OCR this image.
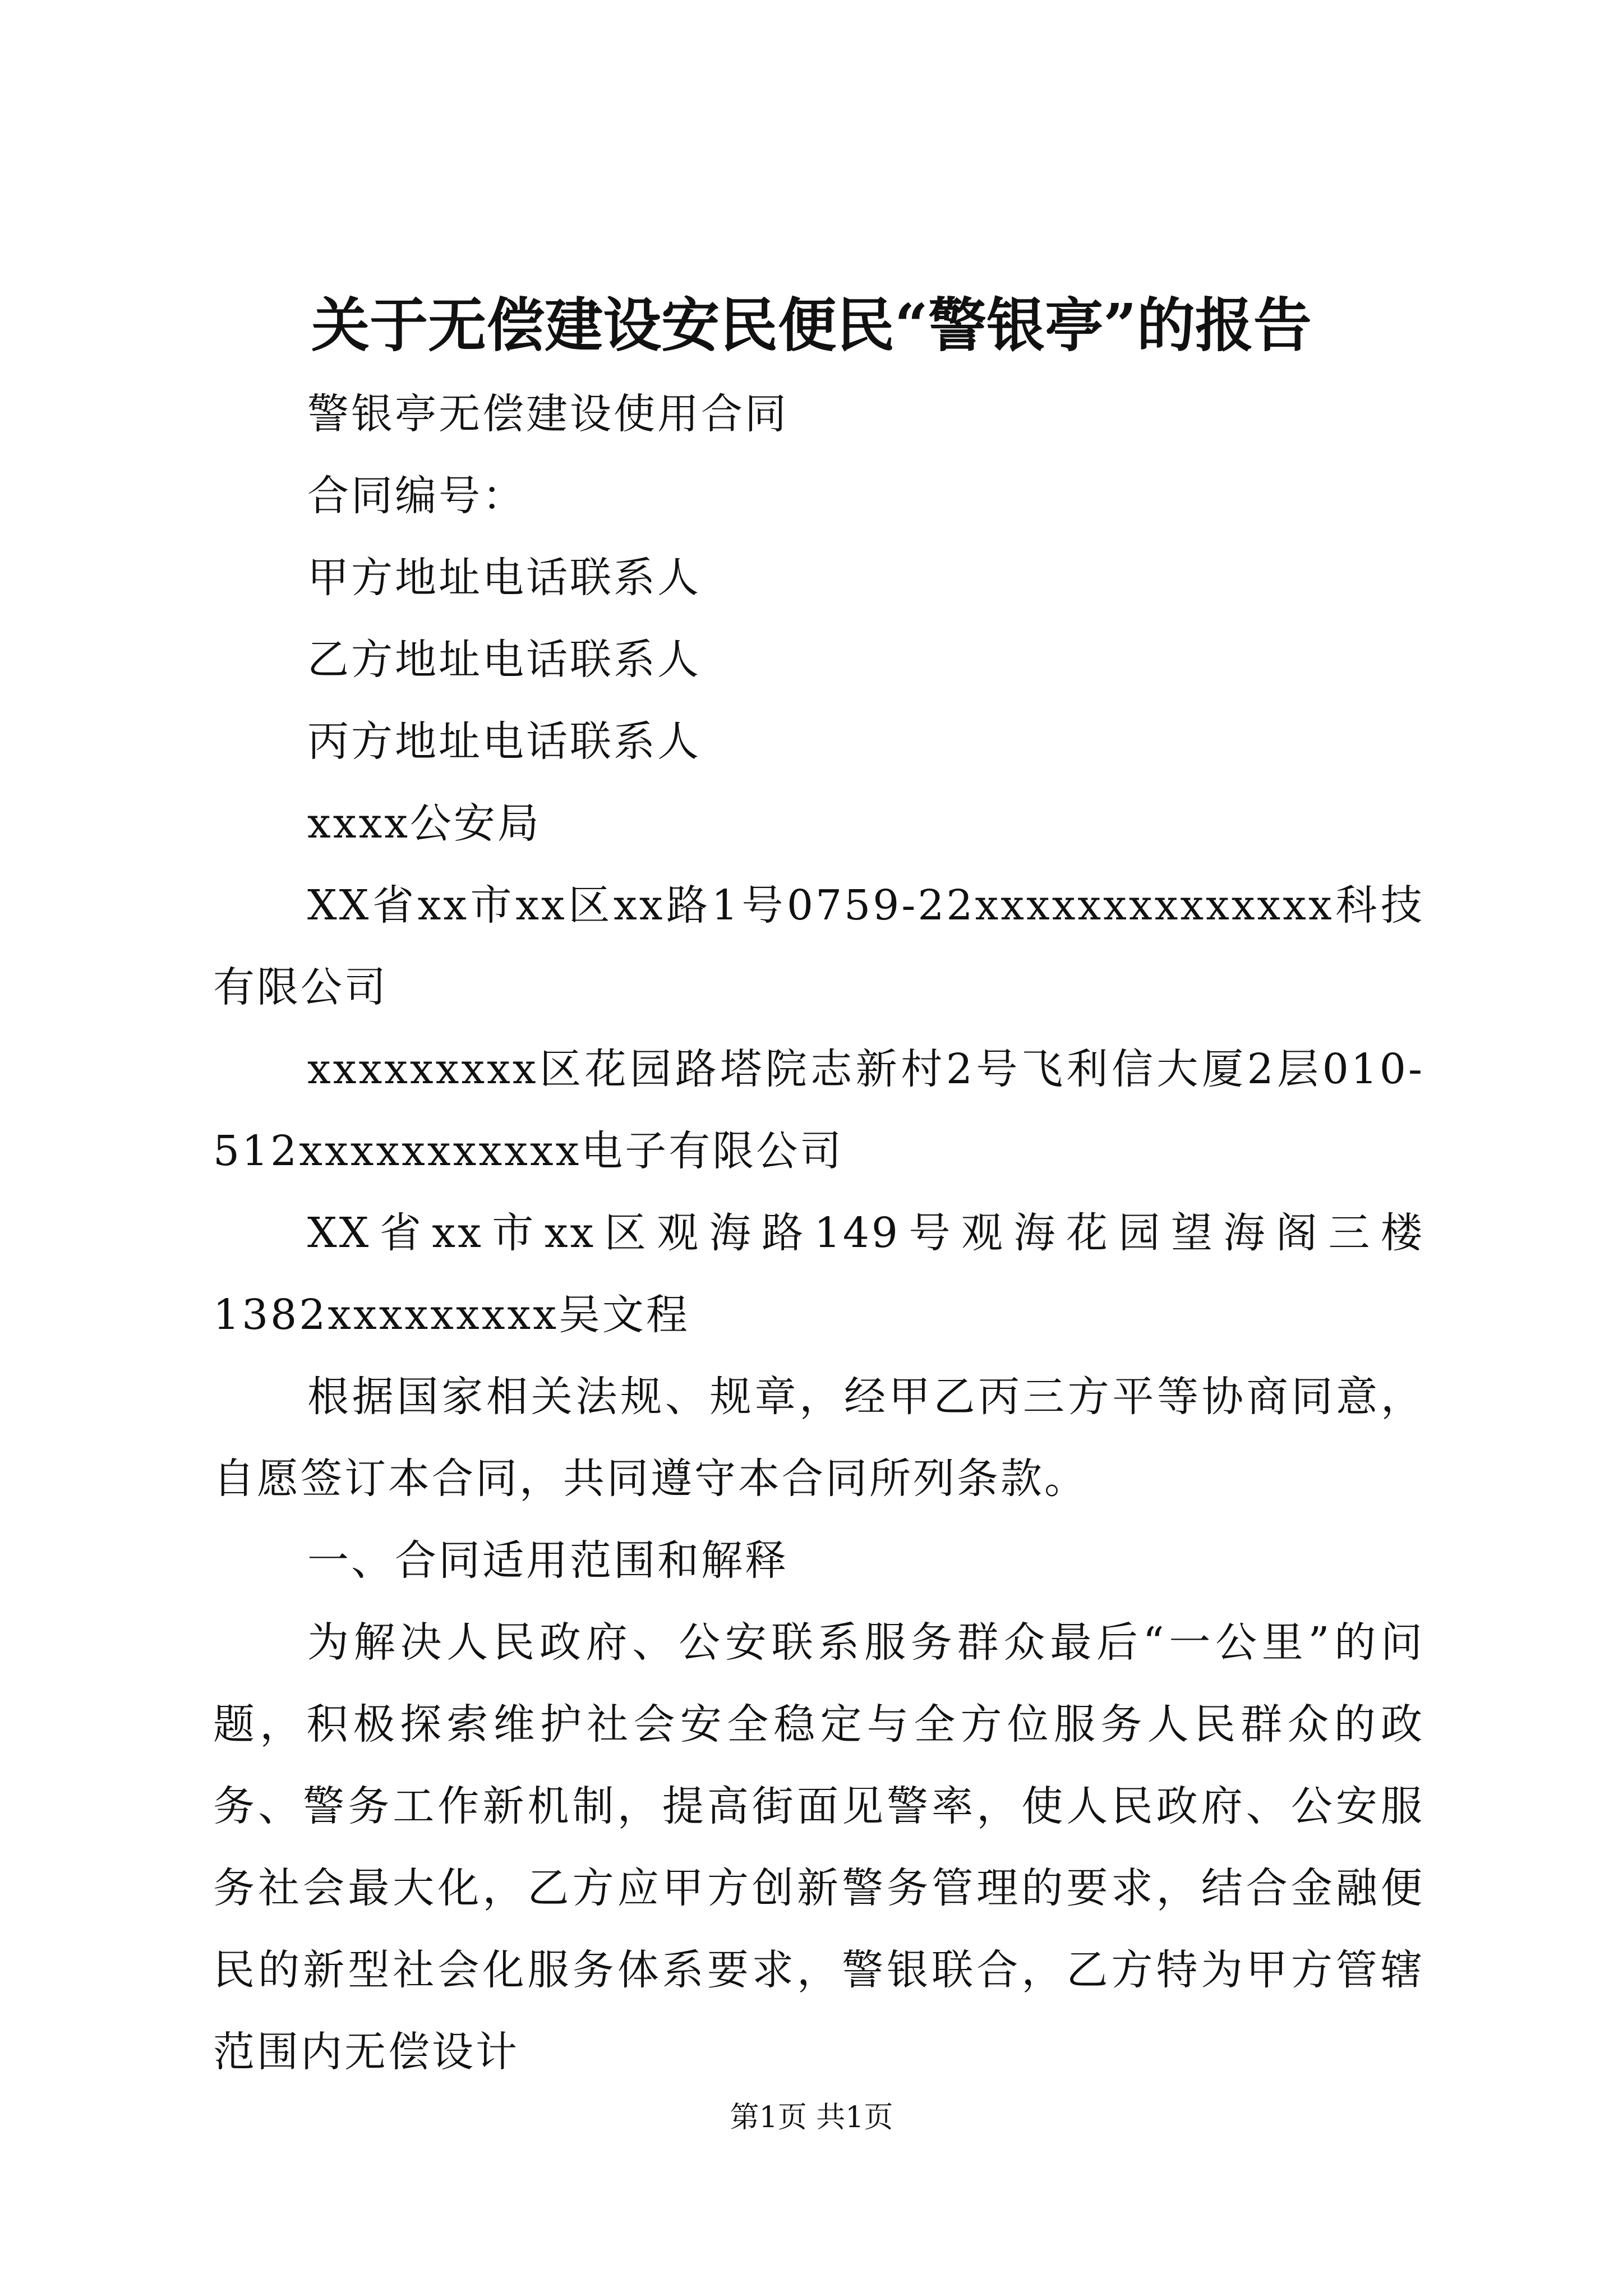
关于无偿建设安民便民“警银亭”的报告

警银亭无偿建设使用合同

合同编号：

甲方地址电话联系人

乙方地址电话联系人

丙方地址电话联系人

xxxx公安局

XX省xx市xx区xx路1号0759-22xxxxxxxxxxxxxx科技有限公司

xxxxxxxxx区花园路塔院志新村2号飞利信大厦2层010-512xxxxxxxxxxx电子有限公司

XX省xx市xx区观海路149号观海花园望海阁三楼1382xxxxxxxxx吴文程

根据国家相关法规、规章，经甲乙丙三方平等协商同意，自愿签订本合同，共同遵守本合同所列条款。

一、合同适用范围和解释

为解决人民政府、公安联系服务群众最后“一公里”的问题，积极探索维护社会安全稳定与全方位服务人民群众的政务、警务工作新机制，提高街面见警率，使人民政府、公安服务社会最大化，乙方应甲方创新警务管理的要求，结合金融便民的新型社会化服务体系要求，警银联合，乙方特为甲方管辖范围内无偿设计

第1页 共1页
